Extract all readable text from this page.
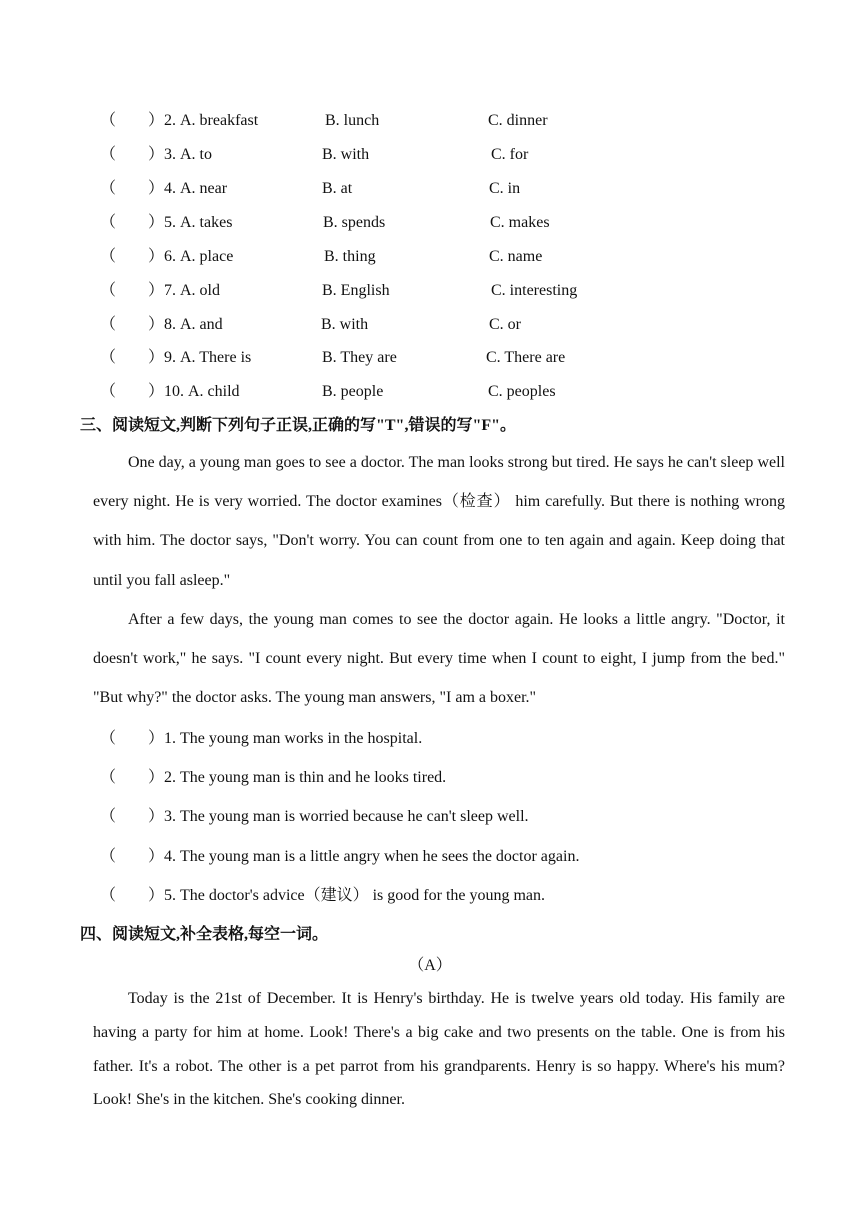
（　　）2. A. breakfast	B. lunch	C. dinner
（　　）3. A. to	B. with	C. for
（　　）4. A. near	B. at	C. in
（　　）5. A. takes	B. spends	C. makes
（　　）6. A. place	B. thing	C. name
（　　）7. A. old	B. English	C. interesting
（　　）8. A. and	B. with	C. or
（　　）9. A. There is	B. They are	C. There are
（　　）10. A. child	B. people	C. peoples
三、阅读短文,判断下列句子正误,正确的写"T",错误的写"F"。

One day, a young man goes to see a doctor. The man looks strong but tired. He says he can't sleep well every night. He is very worried. The doctor examines（检查） him carefully. But there is nothing wrong with him. The doctor says, "Don't worry. You can count from one to ten again and again. Keep doing that until you fall asleep."

After a few days, the young man comes to see the doctor again. He looks a little angry. "Doctor, it doesn't work," he says. "I count every night. But every time when I count to eight, I jump from the bed." "But why?" the doctor asks. The young man answers, "I am a boxer."

（　　）1. The young man works in the hospital.
（　　）2. The young man is thin and he looks tired.
（　　）3. The young man is worried because he can't sleep well.
（　　）4. The young man is a little angry when he sees the doctor again.
（　　）5. The doctor's advice（建议） is good for the young man.
四、阅读短文,补全表格,每空一词。
（A）

Today is the 21st of December. It is Henry's birthday. He is twelve years old today. His family are having a party for him at home. Look! There's a big cake and two presents on the table. One is from his father. It's a robot. The other is a pet parrot from his grandparents. Henry is so happy. Where's his mum? Look! She's in the kitchen. She's cooking dinner.
